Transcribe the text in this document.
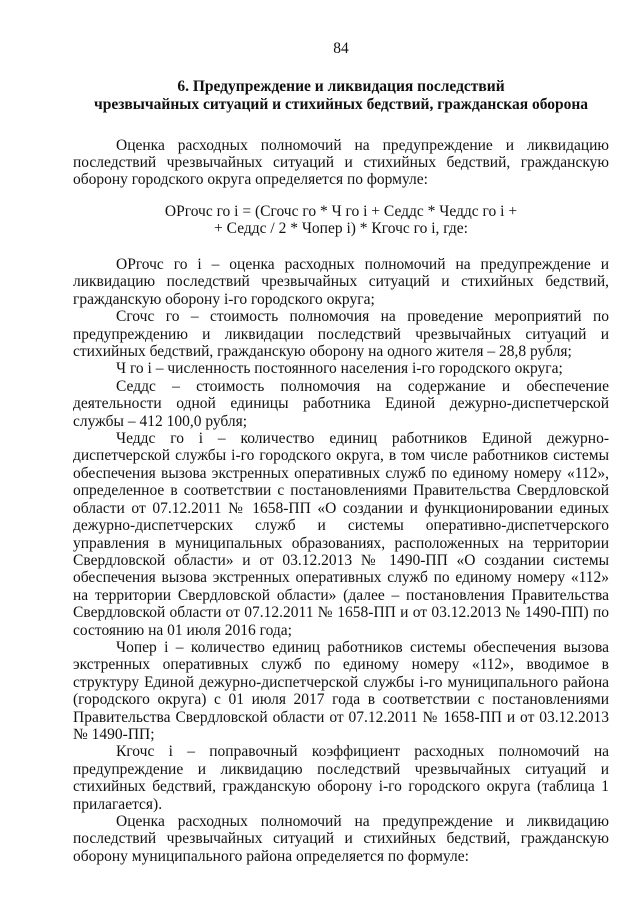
84
6. Предупреждение и ликвидация последствий
чрезвычайных ситуаций и стихийных бедствий, гражданская оборона

Оценка расходных полномочий на предупреждение и ликвидацию последствий чрезвычайных ситуаций и стихийных бедствий, гражданскую оборону городского округа определяется по формуле:

ОРгочс го i = (Сгочс го * Ч го i + Седдс * Чеддс го i +
+ Седдс / 2 * Чопер i) * Кгочс го i, где:

ОРгочс го i – оценка расходных полномочий на предупреждение и ликвидацию последствий чрезвычайных ситуаций и стихийных бедствий, гражданскую оборону i-го городского округа;

Сгочс го – стоимость полномочия на проведение мероприятий по предупреждению и ликвидации последствий чрезвычайных ситуаций и стихийных бедствий, гражданскую оборону на одного жителя – 28,8 рубля;

Ч го i – численность постоянного населения i-го городского округа;

Седдс – стоимость полномочия на содержание и обеспечение деятельности одной единицы работника Единой дежурно-диспетчерской службы – 412 100,0 рубля;

Чеддс го i – количество единиц работников Единой дежурно-диспетчерской службы i-го городского округа, в том числе работников системы обеспечения вызова экстренных оперативных служб по единому номеру «112», определенное в соответствии с постановлениями Правительства Свердловской области от 07.12.2011 № 1658-ПП «О создании и функционировании единых дежурно-диспетчерских служб и системы оперативно-диспетчерского управления в муниципальных образованиях, расположенных на территории Свердловской области» и от 03.12.2013 № 1490-ПП «О создании системы обеспечения вызова экстренных оперативных служб по единому номеру «112» на территории Свердловской области» (далее – постановления Правительства Свердловской области от 07.12.2011 № 1658-ПП и от 03.12.2013 № 1490-ПП) по состоянию на 01 июля 2016 года;

Чопер i – количество единиц работников системы обеспечения вызова экстренных оперативных служб по единому номеру «112», вводимое в структуру Единой дежурно-диспетчерской службы i-го муниципального района (городского округа) с 01 июля 2017 года в соответствии с постановлениями Правительства Свердловской области от 07.12.2011 № 1658-ПП и от 03.12.2013 № 1490-ПП;

Кгочс i – поправочный коэффициент расходных полномочий на предупреждение и ликвидацию последствий чрезвычайных ситуаций и стихийных бедствий, гражданскую оборону i-го городского округа (таблица 1 прилагается).

Оценка расходных полномочий на предупреждение и ликвидацию последствий чрезвычайных ситуаций и стихийных бедствий, гражданскую оборону муниципального района определяется по формуле:
